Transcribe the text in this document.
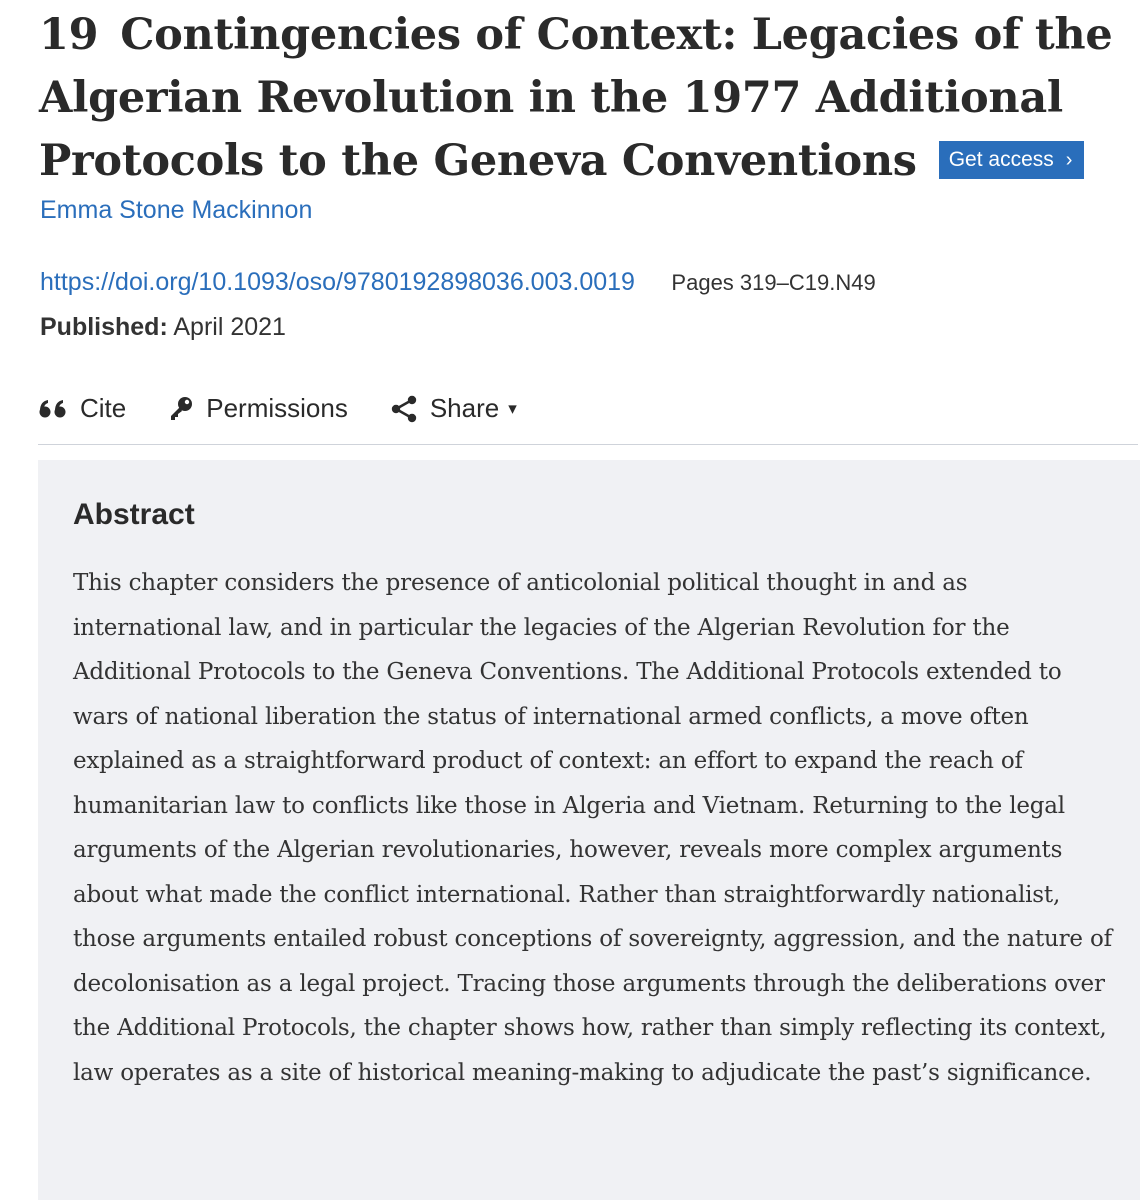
19 Contingencies of Context: Legacies of the Algerian Revolution in the 1977 Additional Protocols to the Geneva Conventions Get access ›
Emma Stone Mackinnon
https://doi.org/10.1093/oso/9780192898036.003.0019 Pages 319–C19.N49
Published: April 2021
Cite	Permissions	Share ▾
Abstract

This chapter considers the presence of anticolonial political thought in and as international law, and in particular the legacies of the Algerian Revolution for the Additional Protocols to the Geneva Conventions. The Additional Protocols extended to wars of national liberation the status of international armed conflicts, a move often explained as a straightforward product of context: an effort to expand the reach of humanitarian law to conflicts like those in Algeria and Vietnam. Returning to the legal arguments of the Algerian revolutionaries, however, reveals more complex arguments about what made the conflict international. Rather than straightforwardly nationalist, those arguments entailed robust conceptions of sovereignty, aggression, and the nature of decolonisation as a legal project. Tracing those arguments through the deliberations over the Additional Protocols, the chapter shows how, rather than simply reflecting its context, law operates as a site of historical meaning-making to adjudicate the past’s significance.
